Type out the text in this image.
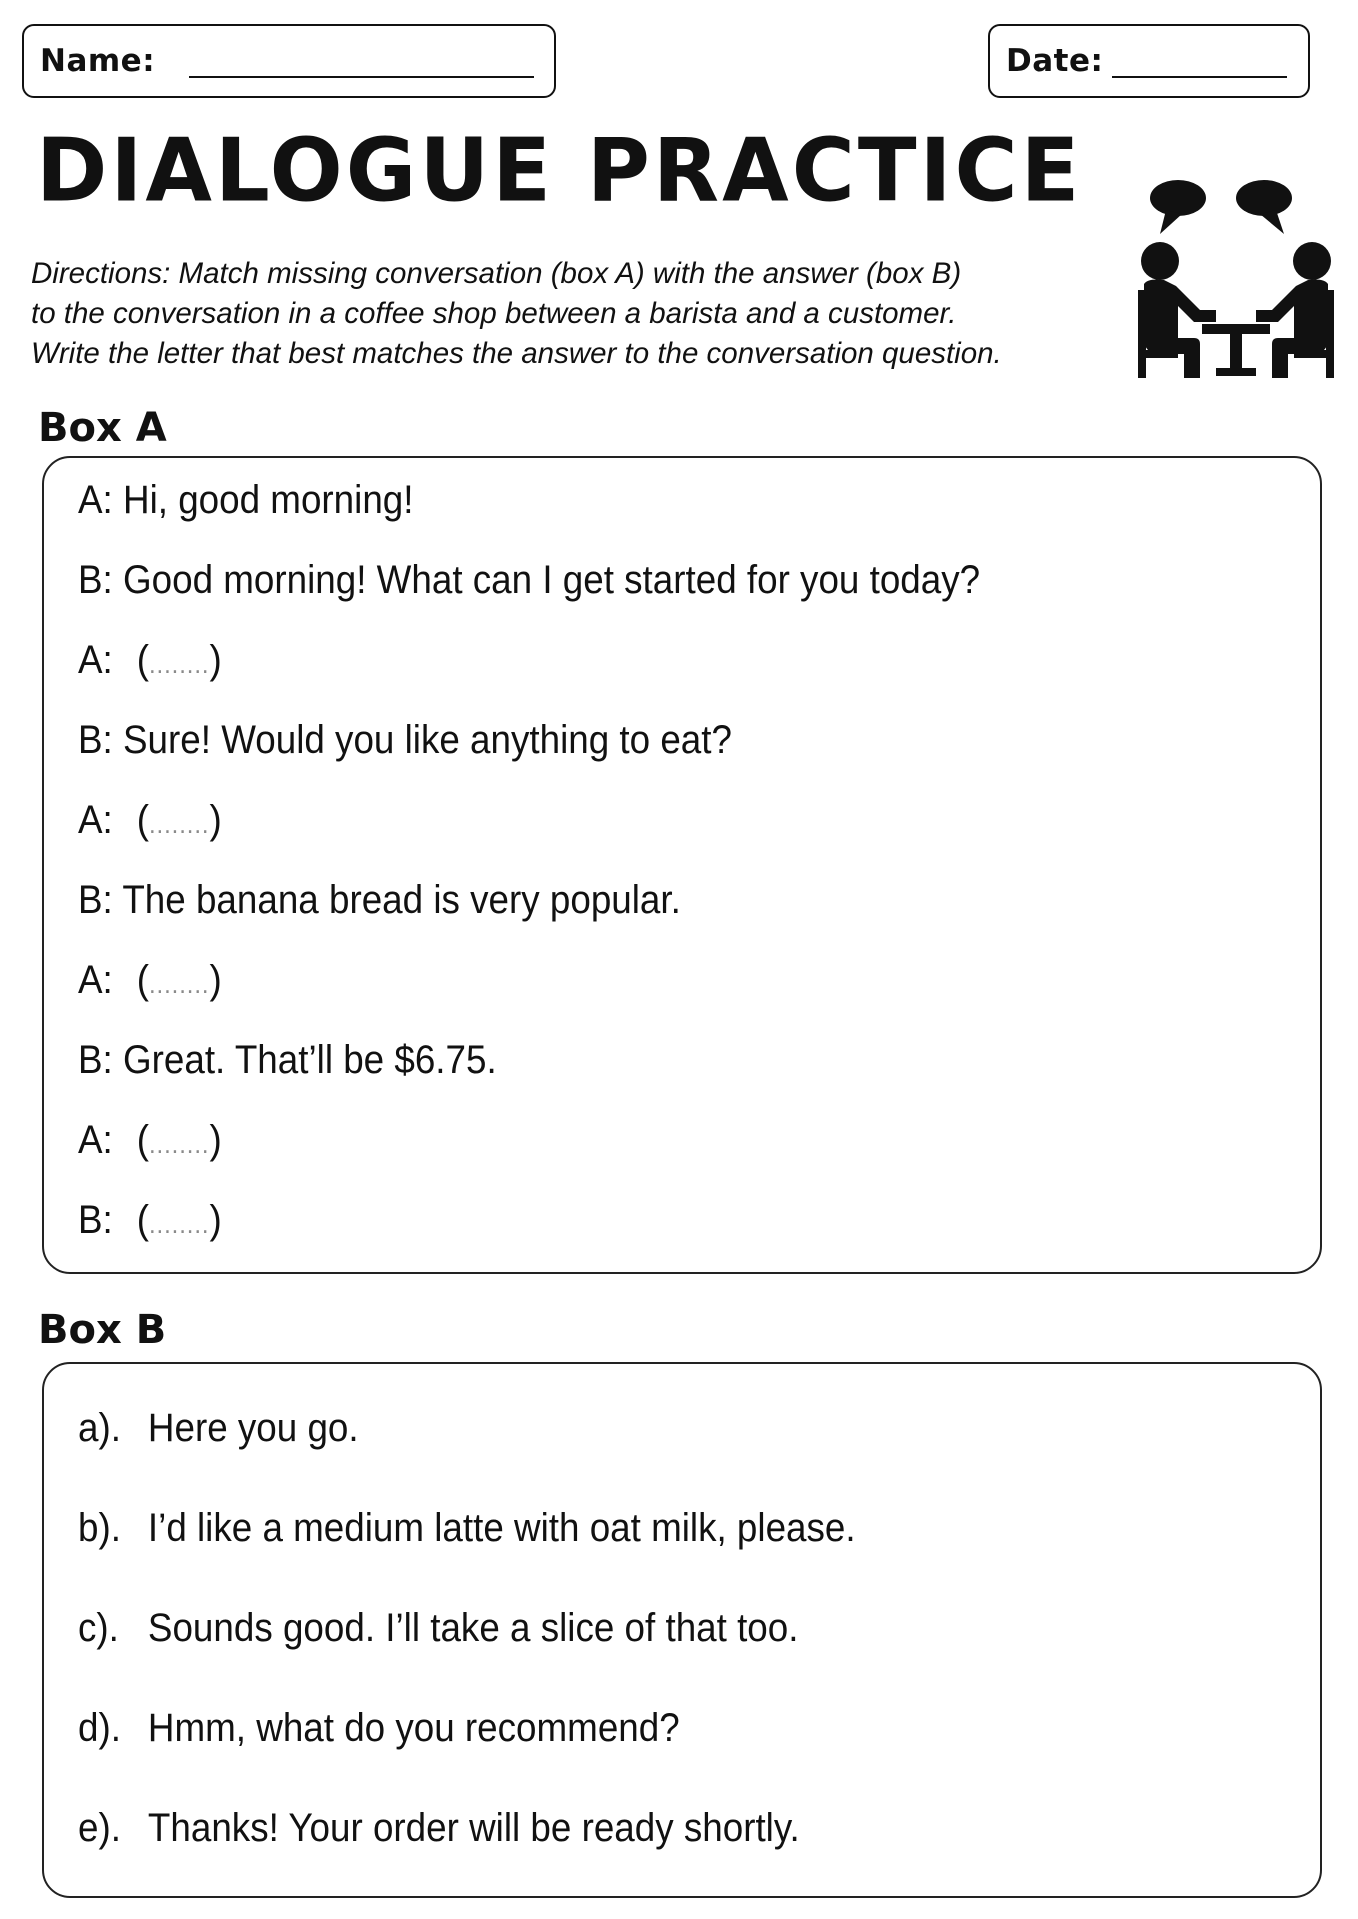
Name:	Date:
DIALOGUE PRACTICE
Directions: Match missing conversation (box A) with the answer (box B)
to the conversation in a coffee shop between a barista and a customer.
Write the letter that best matches the answer to the conversation question.
Box A
A: Hi, good morning!
B: Good morning! What can I get started for you today?
A: (........)
B: Sure! Would you like anything to eat?
A: (........)
B: The banana bread is very popular.
A: (........)
B: Great. That’ll be $6.75.
A: (........)
B: (........)
Box B
a). Here you go.
b). I’d like a medium latte with oat milk, please.
c). Sounds good. I’ll take a slice of that too.
d). Hmm, what do you recommend?
e). Thanks! Your order will be ready shortly.
